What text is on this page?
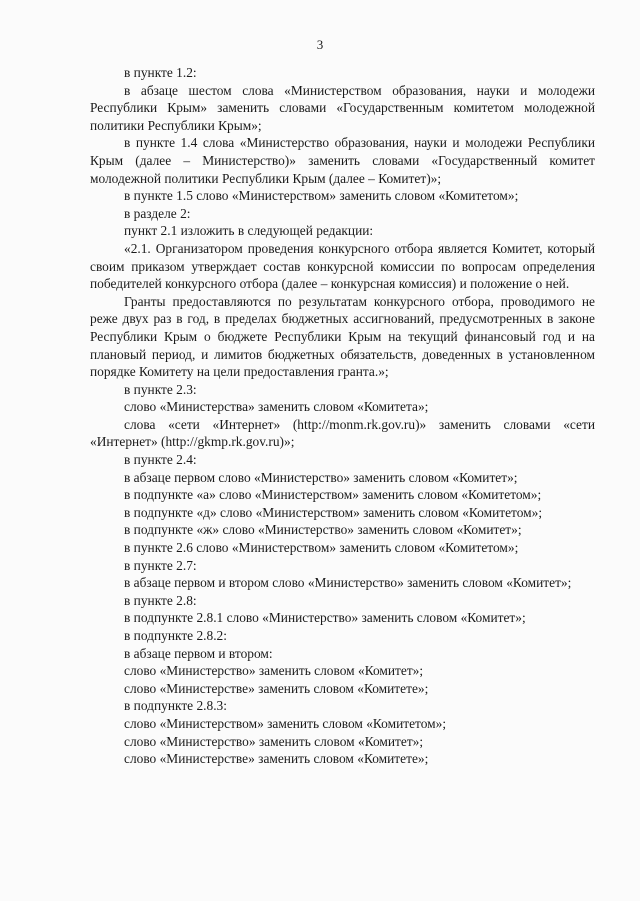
3

в пункте 1.2:

в абзаце шестом слова «Министерством образования, науки и молодежи Республики Крым» заменить словами «Государственным комитетом молодежной политики Республики Крым»;

в пункте 1.4 слова «Министерство образования, науки и молодежи Республики Крым (далее – Министерство)» заменить словами «Государственный комитет молодежной политики Республики Крым (далее – Комитет)»;

в пункте 1.5 слово «Министерством» заменить словом «Комитетом»;

в разделе 2:

пункт 2.1 изложить в следующей редакции:

«2.1. Организатором проведения конкурсного отбора является Комитет, который своим приказом утверждает состав конкурсной комиссии по вопросам определения победителей конкурсного отбора (далее – конкурсная комиссия) и положение о ней.

Гранты предоставляются по результатам конкурсного отбора, проводимого не реже двух раз в год, в пределах бюджетных ассигнований, предусмотренных в законе Республики Крым о бюджете Республики Крым на текущий финансовый год и на плановый период, и лимитов бюджетных обязательств, доведенных в установленном порядке Комитету на цели предоставления гранта.»;

в пункте 2.3:

слово «Министерства» заменить словом «Комитета»;

слова «сети «Интернет» (http://monm.rk.gov.ru)» заменить словами «сети «Интернет» (http://gkmp.rk.gov.ru)»;

в пункте 2.4:

в абзаце первом слово «Министерство» заменить словом «Комитет»;

в подпункте «а» слово «Министерством» заменить словом «Комитетом»;

в подпункте «д» слово «Министерством» заменить словом «Комитетом»;

в подпункте «ж» слово «Министерство» заменить словом «Комитет»;

в пункте 2.6 слово «Министерством» заменить словом «Комитетом»;

в пункте 2.7:

в абзаце первом и втором слово «Министерство» заменить словом «Комитет»;

в пункте 2.8:

в подпункте 2.8.1 слово «Министерство» заменить словом «Комитет»;

в подпункте 2.8.2:

в абзаце первом и втором:

слово «Министерство» заменить словом «Комитет»;

слово «Министерстве» заменить словом «Комитете»;

в подпункте 2.8.3:

слово «Министерством» заменить словом «Комитетом»;

слово «Министерство» заменить словом «Комитет»;

слово «Министерстве» заменить словом «Комитете»;
